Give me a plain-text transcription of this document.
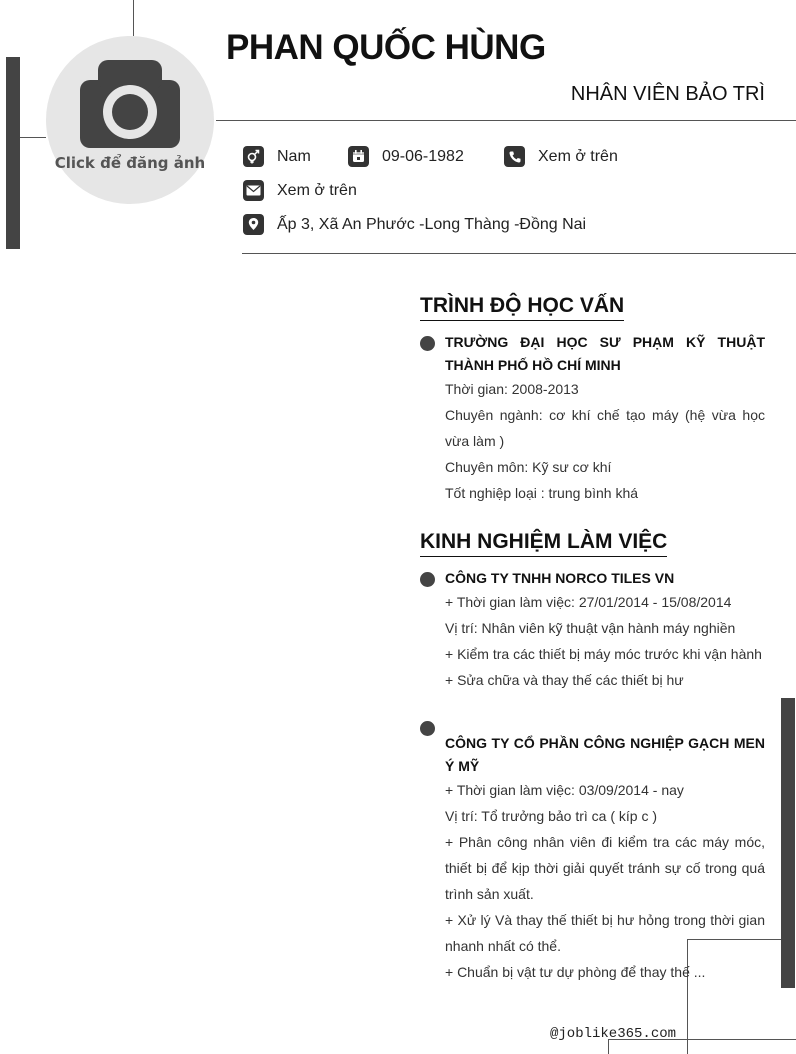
Click để đăng ảnh
PHAN QUỐC HÙNG
NHÂN VIÊN BẢO TRÌ
Nam	09-06-1982	Xem ở trên
Xem ở trên
Ấp 3, Xã An Phước -Long Thàng -Đồng Nai
TRÌNH ĐỘ HỌC VẤN
TRƯỜNG ĐẠI HỌC SƯ PHẠM KỸ THUẬT THÀNH PHỐ HỒ CHÍ MINH
Thời gian: 2008-2013
Chuyên ngành: cơ khí chế tạo máy (hệ vừa học vừa làm )
Chuyên môn: Kỹ sư cơ khí
Tốt nghiệp loại : trung bình khá
KINH NGHIỆM LÀM VIỆC
CÔNG TY TNHH NORCO TILES VN
+ Thời gian làm việc: 27/01/2014 - 15/08/2014
Vị trí: Nhân viên kỹ thuật vận hành máy nghiền
+ Kiểm tra các thiết bị máy móc trước khi vận hành
+ Sửa chữa và thay thế các thiết bị hư
CÔNG TY CỔ PHẦN CÔNG NGHIỆP GẠCH MEN Ý MỸ
+ Thời gian làm việc: 03/09/2014 - nay
Vị trí: Tổ trưởng bảo trì ca ( kíp c )
+ Phân công nhân viên đi kiểm tra các máy móc, thiết bị để kịp thời giải quyết tránh sự cố trong quá trình sản xuất.
+ Xử lý Và thay thế thiết bị hư hỏng trong thời gian nhanh nhất có thể.
+ Chuẩn bị vật tư dự phòng để thay thế ...
@joblike365.com
